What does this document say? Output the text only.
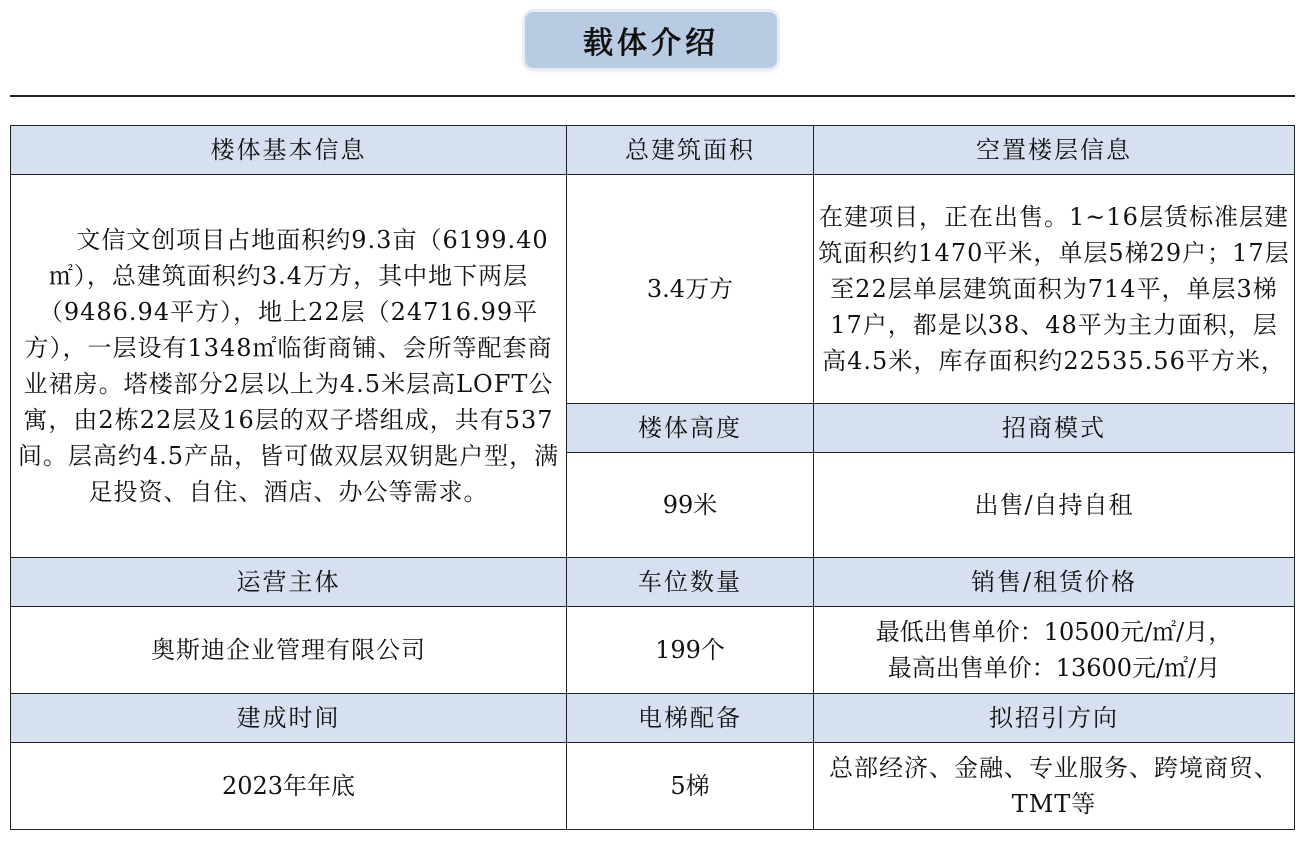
载体介绍
楼体基本信息	总建筑面积	空置楼层信息
文信文创项目占地面积约9.3亩（6199.40㎡），总建筑面积约3.4万方，其中地下两层（9486.94平方），地上22层（24716.99平方），一层设有1348㎡临街商铺、会所等配套商业裙房。塔楼部分2层以上为4.5米层高LOFT公寓，由2栋22层及16层的双子塔组成，共有537间。层高约4.5产品，皆可做双层双钥匙户型，满足投资、自住、酒店、办公等需求。	3.4万方	在建项目，正在出售。1~16层赁标准层建筑面积约1470平米，单层5梯29户；17层至22层单层建筑面积为714平，单层3梯17户，都是以38、48平为主力面积，层高4.5米，库存面积约22535.56平方米，
	楼体高度	招商模式
	99米	出售/自持自租
运营主体	车位数量	销售/租赁价格
奥斯迪企业管理有限公司	199个	最低出售单价：10500元/㎡/月，
最高出售单价：13600元/㎡/月

建成时间	电梯配备	拟招引方向
2023年年底	5梯	总部经济、金融、专业服务、跨境商贸、TMT等
